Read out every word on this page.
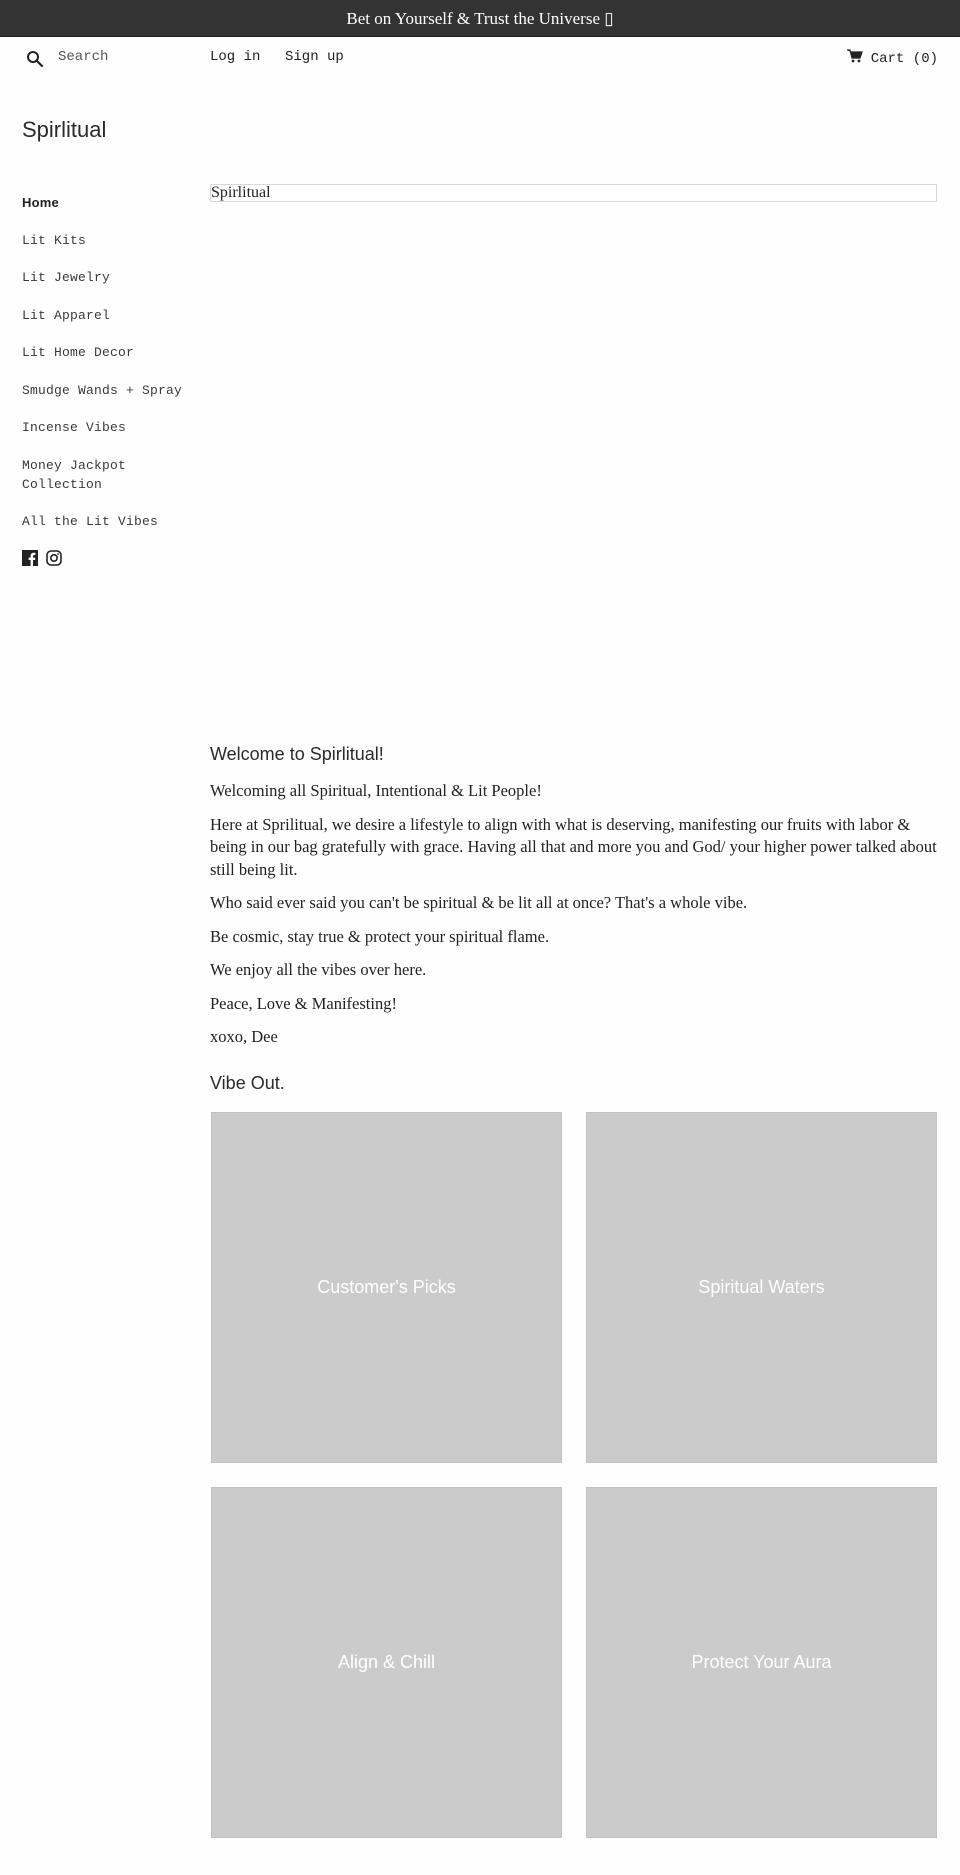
Bet on Yourself & Trust the Universe ▯
Search
Log in Sign up	Cart (0)
Spirlitual
Home
Lit Kits
Lit Jewelry
Lit Apparel
Lit Home Decor
Smudge Wands + Spray
Incense Vibes
Money Jackpot Collection
All the Lit Vibes
Spirlitual
Welcome to Spirlitual!

Welcoming all Spiritual, Intentional & Lit People!

Here at Sprilitual, we desire a lifestyle to align with what is deserving, manifesting our fruits with labor & being in our bag gratefully with grace. Having all that and more you and God/ your higher power talked about still being lit.

Who said ever said you can't be spiritual & be lit all at once? That's a whole vibe.

Be cosmic, stay true & protect your spiritual flame.

We enjoy all the vibes over here.

Peace, Love & Manifesting!

xoxo, Dee

Vibe Out.
Customer's Picks	Spiritual Waters
Align & Chill	Protect Your Aura
